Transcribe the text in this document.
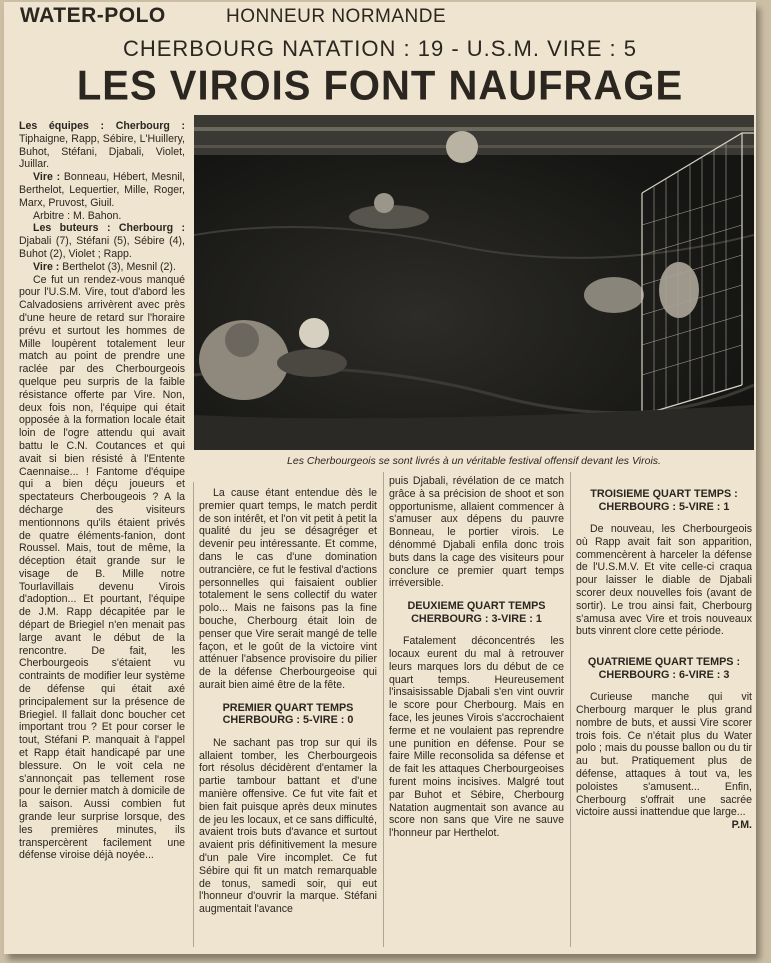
WATER-POLO	HONNEUR NORMANDE
CHERBOURG NATATION : 19 - U.S.M. VIRE : 5
LES VIROIS FONT NAUFRAGE
Les Cherbourgeois se sont livrés à un véritable festival offensif devant les Virois.

Les équipes : Cherbourg : Tiphaigne, Rapp, Sébire, L'Huillery, Buhot, Stéfani, Djabali, Violet, Juillar.

Vire : Bonneau, Hébert, Mesnil, Berthelot, Lequertier, Mille, Roger, Marx, Pruvost, Giuil.

Arbitre : M. Bahon.

Les buteurs : Cherbourg : Djabali (7), Stéfani (5), Sébire (4), Buhot (2), Violet ; Rapp.

Vire : Berthelot (3), Mesnil (2).

Ce fut un rendez-vous manqué pour l'U.S.M. Vire, tout d'abord les Calvadosiens arrivèrent avec près d'une heure de retard sur l'horaire prévu et surtout les hommes de Mille loupèrent totalement leur match au point de prendre une raclée par des Cherbourgeois quelque peu surpris de la faible résistance offerte par Vire. Non, deux fois non, l'équipe qui était opposée à la formation locale était loin de l'ogre attendu qui avait battu le C.N. Coutances et qui avait si bien résisté à l'Entente Caennaise... ! Fantome d'équipe qui a bien déçu joueurs et spectateurs Cherbougeois ? A la décharge des visiteurs mentionnons qu'ils étaient privés de quatre éléments-fanion, dont Roussel. Mais, tout de même, la déception était grande sur le visage de B. Mille notre Tourlavillais devenu Virois d'adoption... Et pourtant, l'équipe de J.M. Rapp décapitée par le départ de Briegiel n'en menait pas large avant le début de la rencontre. De fait, les Cherbourgeois s'étaient vu contraints de modifier leur système de défense qui était axé principalement sur la présence de Briegiel. Il fallait donc boucher cet important trou ? Et pour corser le tout, Stéfani P. manquait à l'appel et Rapp était handicapé par une blessure. On le voit cela ne s'annonçait pas tellement rose pour le dernier match à domicile de la saison. Aussi combien fut grande leur surprise lorsque, des les premières minutes, ils transpercèrent facilement une défense viroise déjà noyée...

La cause étant entendue dès le premier quart temps, le match perdit de son intérêt, et l'on vit petit à petit la qualité du jeu se désagréger et devenir peu intéressante. Et comme, dans le cas d'une domination outrancière, ce fut le festival d'actions personnelles qui faisaient oublier totalement le sens collectif du water polo... Mais ne faisons pas la fine bouche, Cherbourg était loin de penser que Vire serait mangé de telle façon, et le goût de la victoire vint atténuer l'absence provisoire du pilier de la défense Cherbourgeoise qui aurait bien aimé être de la fête.

PREMIER QUART TEMPS CHERBOURG : 5-VIRE : 0

Ne sachant pas trop sur qui ils allaient tomber, les Cherbourgeois fort résolus décidèrent d'entamer la partie tambour battant et d'une manière offensive. Ce fut vite fait et bien fait puisque après deux minutes de jeu les locaux, et ce sans difficulté, avaient trois buts d'avance et surtout avaient pris définitivement la mesure d'un pale Vire incomplet. Ce fut Sébire qui fit un match remarquable de tonus, samedi soir, qui eut l'honneur d'ouvrir la marque. Stéfani augmentait l'avance

puis Djabali, révélation de ce match grâce à sa précision de shoot et son opportunisme, allaient commencer à s'amuser aux dépens du pauvre Bonneau, le portier virois. Le dénommé Djabali enfila donc trois buts dans la cage des visiteurs pour conclure ce premier quart temps irréversible.

DEUXIEME QUART TEMPS CHERBOURG : 3-VIRE : 1

Fatalement déconcentrés les locaux eurent du mal à retrouver leurs marques lors du début de ce quart temps. Heureusement l'insaisissable Djabali s'en vint ouvrir le score pour Cherbourg. Mais en face, les jeunes Virois s'accrochaient ferme et ne voulaient pas reprendre une punition en défense. Pour se faire Mille reconsolida sa défense et de fait les attaques Cherbourgeoises furent moins incisives. Malgré tout par Buhot et Sébire, Cherbourg Natation augmentait son avance au score non sans que Vire ne sauve l'honneur par Herthelot.

TROISIEME QUART TEMPS : CHERBOURG : 5-VIRE : 1

De nouveau, les Cherbourgeois où Rapp avait fait son apparition, commencèrent à harceler la défense de l'U.S.M.V. Et vite celle-ci craqua pour laisser le diable de Djabali scorer deux nouvelles fois (avant de sortir). Le trou ainsi fait, Cherbourg s'amusa avec Vire et trois nouveaux buts vinrent clore cette période.

QUATRIEME QUART TEMPS : CHERBOURG : 6-VIRE : 3

Curieuse manche qui vit Cherbourg marquer le plus grand nombre de buts, et aussi Vire scorer trois fois. Ce n'était plus du Water polo ; mais du pousse ballon ou du tir au but. Pratiquement plus de défense, attaques à tout va, les poloistes s'amusent... Enfin, Cherbourg s'offrait une sacrée victoire aussi inattendue que large...

P.M.
